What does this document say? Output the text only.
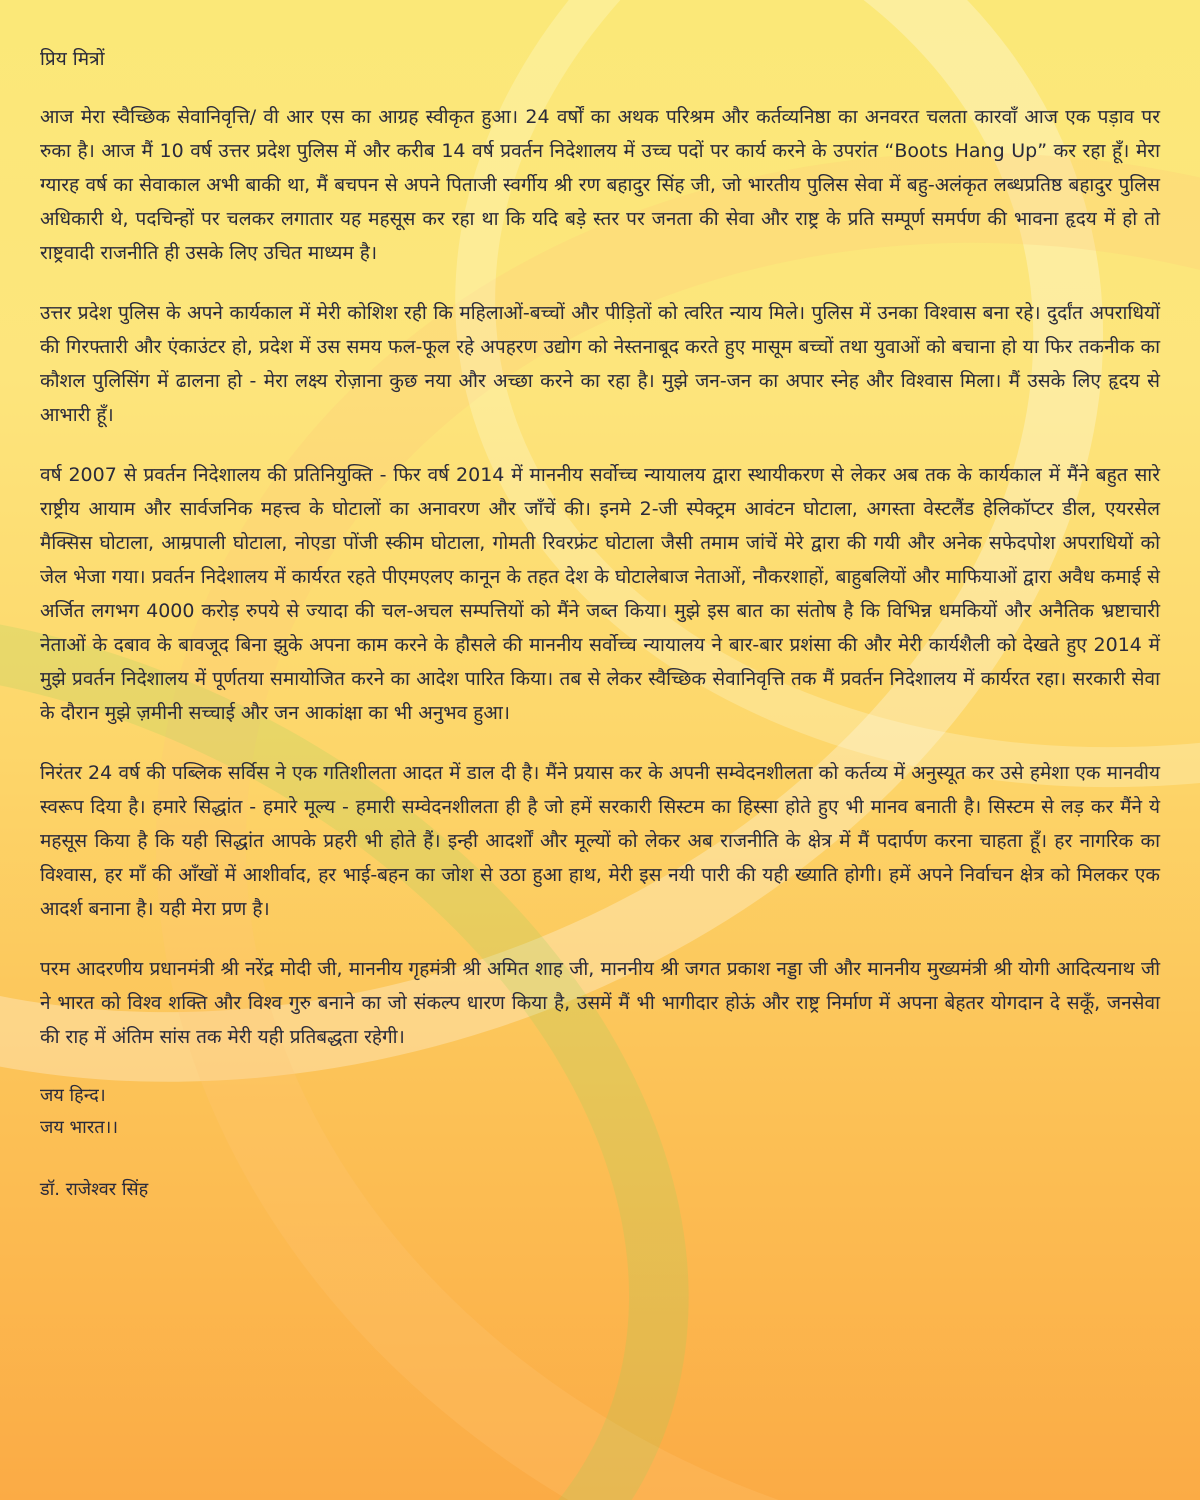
प्रिय मित्रों

आज मेरा स्वैच्छिक सेवानिवृत्ति/ वी आर एस का आग्रह स्वीकृत हुआ। 24 वर्षों का अथक परिश्रम और कर्तव्यनिष्ठा का अनवरत चलता कारवाँ आज एक पड़ाव पर रुका है। आज मैं 10 वर्ष उत्तर प्रदेश पुलिस में और करीब 14 वर्ष प्रवर्तन निदेशालय में उच्च पदों पर कार्य करने के उपरांत “Boots Hang Up” कर रहा हूँ। मेरा ग्यारह वर्ष का सेवाकाल अभी बाकी था, मैं बचपन से अपने पिताजी स्वर्गीय श्री रण बहादुर सिंह जी, जो भारतीय पुलिस सेवा में बहु-अलंकृत लब्धप्रतिष्ठ बहादुर पुलिस अधिकारी थे, पदचिन्हों पर चलकर लगातार यह महसूस कर रहा था कि यदि बड़े स्तर पर जनता की सेवा और राष्ट्र के प्रति सम्पूर्ण समर्पण की भावना हृदय में हो तो राष्ट्रवादी राजनीति ही उसके लिए उचित माध्यम है।

उत्तर प्रदेश पुलिस के अपने कार्यकाल में मेरी कोशिश रही कि महिलाओं-बच्चों और पीड़ितों को त्वरित न्याय मिले। पुलिस में उनका विश्वास बना रहे। दुर्दांत अपराधियों की गिरफ्तारी और एंकाउंटर हो, प्रदेश में उस समय फल-फूल रहे अपहरण उद्योग को नेस्तनाबूद करते हुए मासूम बच्चों तथा युवाओं को बचाना हो या फिर तकनीक का कौशल पुलिसिंग में ढालना हो - मेरा लक्ष्य रोज़ाना कुछ नया और अच्छा करने का रहा है। मुझे जन-जन का अपार स्नेह और विश्वास मिला। मैं उसके लिए हृदय से आभारी हूँ।

वर्ष 2007 से प्रवर्तन निदेशालय की प्रतिनियुक्ति - फिर वर्ष 2014 में माननीय सर्वोच्च न्यायालय द्वारा स्थायीकरण से लेकर अब तक के कार्यकाल में मैंने बहुत सारे राष्ट्रीय आयाम और सार्वजनिक महत्त्व के घोटालों का अनावरण और जाँचें की। इनमे 2-जी स्पेक्ट्रम आवंटन घोटाला, अगस्ता वेस्टलैंड हेलिकॉप्टर डील, एयरसेल मैक्सिस घोटाला, आम्रपाली घोटाला, नोएडा पोंजी स्कीम घोटाला, गोमती रिवरफ्रंट घोटाला जैसी तमाम जांचें मेरे द्वारा की गयी और अनेक सफेदपोश अपराधियों को जेल भेजा गया। प्रवर्तन निदेशालय में कार्यरत रहते पीएमएलए कानून के तहत देश के घोटालेबाज नेताओं, नौकरशाहों, बाहुबलियों और माफियाओं द्वारा अवैध कमाई से अर्जित लगभग 4000 करोड़ रुपये से ज्यादा की चल-अचल सम्पत्तियों को मैंने जब्त किया। मुझे इस बात का संतोष है कि विभिन्न धमकियों और अनैतिक भ्रष्टाचारी नेताओं के दबाव के बावजूद बिना झुके अपना काम करने के हौसले की माननीय सर्वोच्च न्यायालय ने बार-बार प्रशंसा की और मेरी कार्यशैली को देखते हुए 2014 में मुझे प्रवर्तन निदेशालय में पूर्णतया समायोजित करने का आदेश पारित किया। तब से लेकर स्वैच्छिक सेवानिवृत्ति तक मैं प्रवर्तन निदेशालय में कार्यरत रहा। सरकारी सेवा के दौरान मुझे ज़मीनी सच्चाई और जन आकांक्षा का भी अनुभव हुआ।

निरंतर 24 वर्ष की पब्लिक सर्विस ने एक गतिशीलता आदत में डाल दी है। मैंने प्रयास कर के अपनी सम्वेदनशीलता को कर्तव्य में अनुस्यूत कर उसे हमेशा एक मानवीय स्वरूप दिया है। हमारे सिद्धांत - हमारे मूल्य - हमारी सम्वेदनशीलता ही है जो हमें सरकारी सिस्टम का हिस्सा होते हुए भी मानव बनाती है। सिस्टम से लड़ कर मैंने ये महसूस किया है कि यही सिद्धांत आपके प्रहरी भी होते हैं। इन्ही आदर्शों और मूल्यों को लेकर अब राजनीति के क्षेत्र में मैं पदार्पण करना चाहता हूँ। हर नागरिक का विश्वास, हर माँ की आँखों में आशीर्वाद, हर भाई-बहन का जोश से उठा हुआ हाथ, मेरी इस नयी पारी की यही ख्याति होगी। हमें अपने निर्वाचन क्षेत्र को मिलकर एक आदर्श बनाना है। यही मेरा प्रण है।

परम आदरणीय प्रधानमंत्री श्री नरेंद्र मोदी जी, माननीय गृहमंत्री श्री अमित शाह जी, माननीय श्री जगत प्रकाश नड्डा जी और माननीय मुख्यमंत्री श्री योगी आदित्यनाथ जी ने भारत को विश्व शक्ति और विश्व गुरु बनाने का जो संकल्प धारण किया है, उसमें मैं भी भागीदार होऊं और राष्ट्र निर्माण में अपना बेहतर योगदान दे सकूँ, जनसेवा की राह में अंतिम सांस तक मेरी यही प्रतिबद्धता रहेगी।

जय हिन्द।
जय भारत।।
डॉ. राजेश्वर सिंह
